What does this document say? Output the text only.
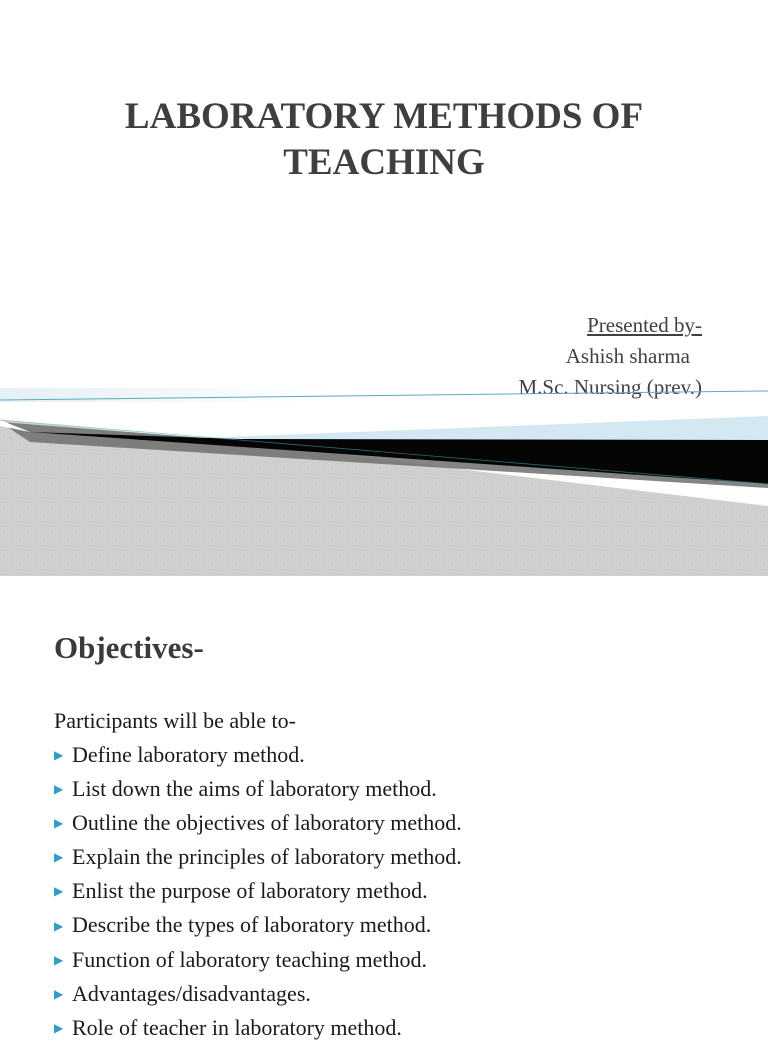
LABORATORY METHODS OF TEACHING
Presented by-
Ashish sharma
M.Sc. Nursing (prev.)
Objectives-
Participants will be able to-
▶ Define laboratory method.
▶ List down the aims of laboratory method.
▶ Outline the objectives of laboratory method.
▶ Explain the principles of laboratory method.
▶ Enlist the purpose of laboratory method.
▶ Describe the types of laboratory method.
▶ Function of laboratory teaching method.
▶ Advantages/disadvantages.
▶ Role of teacher in laboratory method.
